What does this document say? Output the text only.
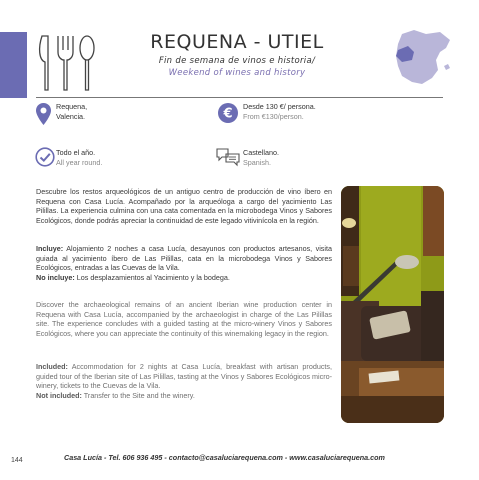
REQUENA - UTIEL
Fin de semana de vinos e historia/
Weekend of wines and history
Requena,
Valencia.	€ Desde 130 €/ persona.
From €130/person.
Todo el año.
All year round.
Castellano.
Spanish.
Descubre los restos arqueológicos de un antiguo centro de producción de vino íbero en Requena con Casa Lucía. Acompañado por la arqueóloga a cargo del yacimiento Las Pilillas. La experiencia culmina con una cata comentada en la microbodega Vinos y Sabores Ecológicos, donde podrás apreciar la continuidad de este legado vitivinícola en la región.
Incluye: Alojamiento 2 noches a casa Lucía, desayunos con productos artesanos, visita guiada al yacimiento íbero de Las Pilillas, cata en la microbodega Vinos y Sabores Ecológicos, entradas a las Cuevas de la Vila.
No incluye: Los desplazamientos al Yacimiento y la bodega.
Discover the archaeological remains of an ancient Iberian wine production center in Requena with Casa Lucía, accompanied by the archaeologist in charge of the Las Pilillas site. The experience concludes with a guided tasting at the micro-winery Vinos y Sabores Ecológicos, where you can appreciate the continuity of this winemaking legacy in the region.
Included: Accommodation for 2 nights at Casa Lucía, breakfast with artisan products, guided tour of the Iberian site of Las Pilillas, tasting at the Vinos y Sabores Ecológicos micro-winery, tickets to the Cuevas de la Vila.
Not included: Transfer to the Site and the winery.
144	Casa Lucía - Tel. 606 936 495 - contacto@casaluciarequena.com - www.casaluciarequena.com
